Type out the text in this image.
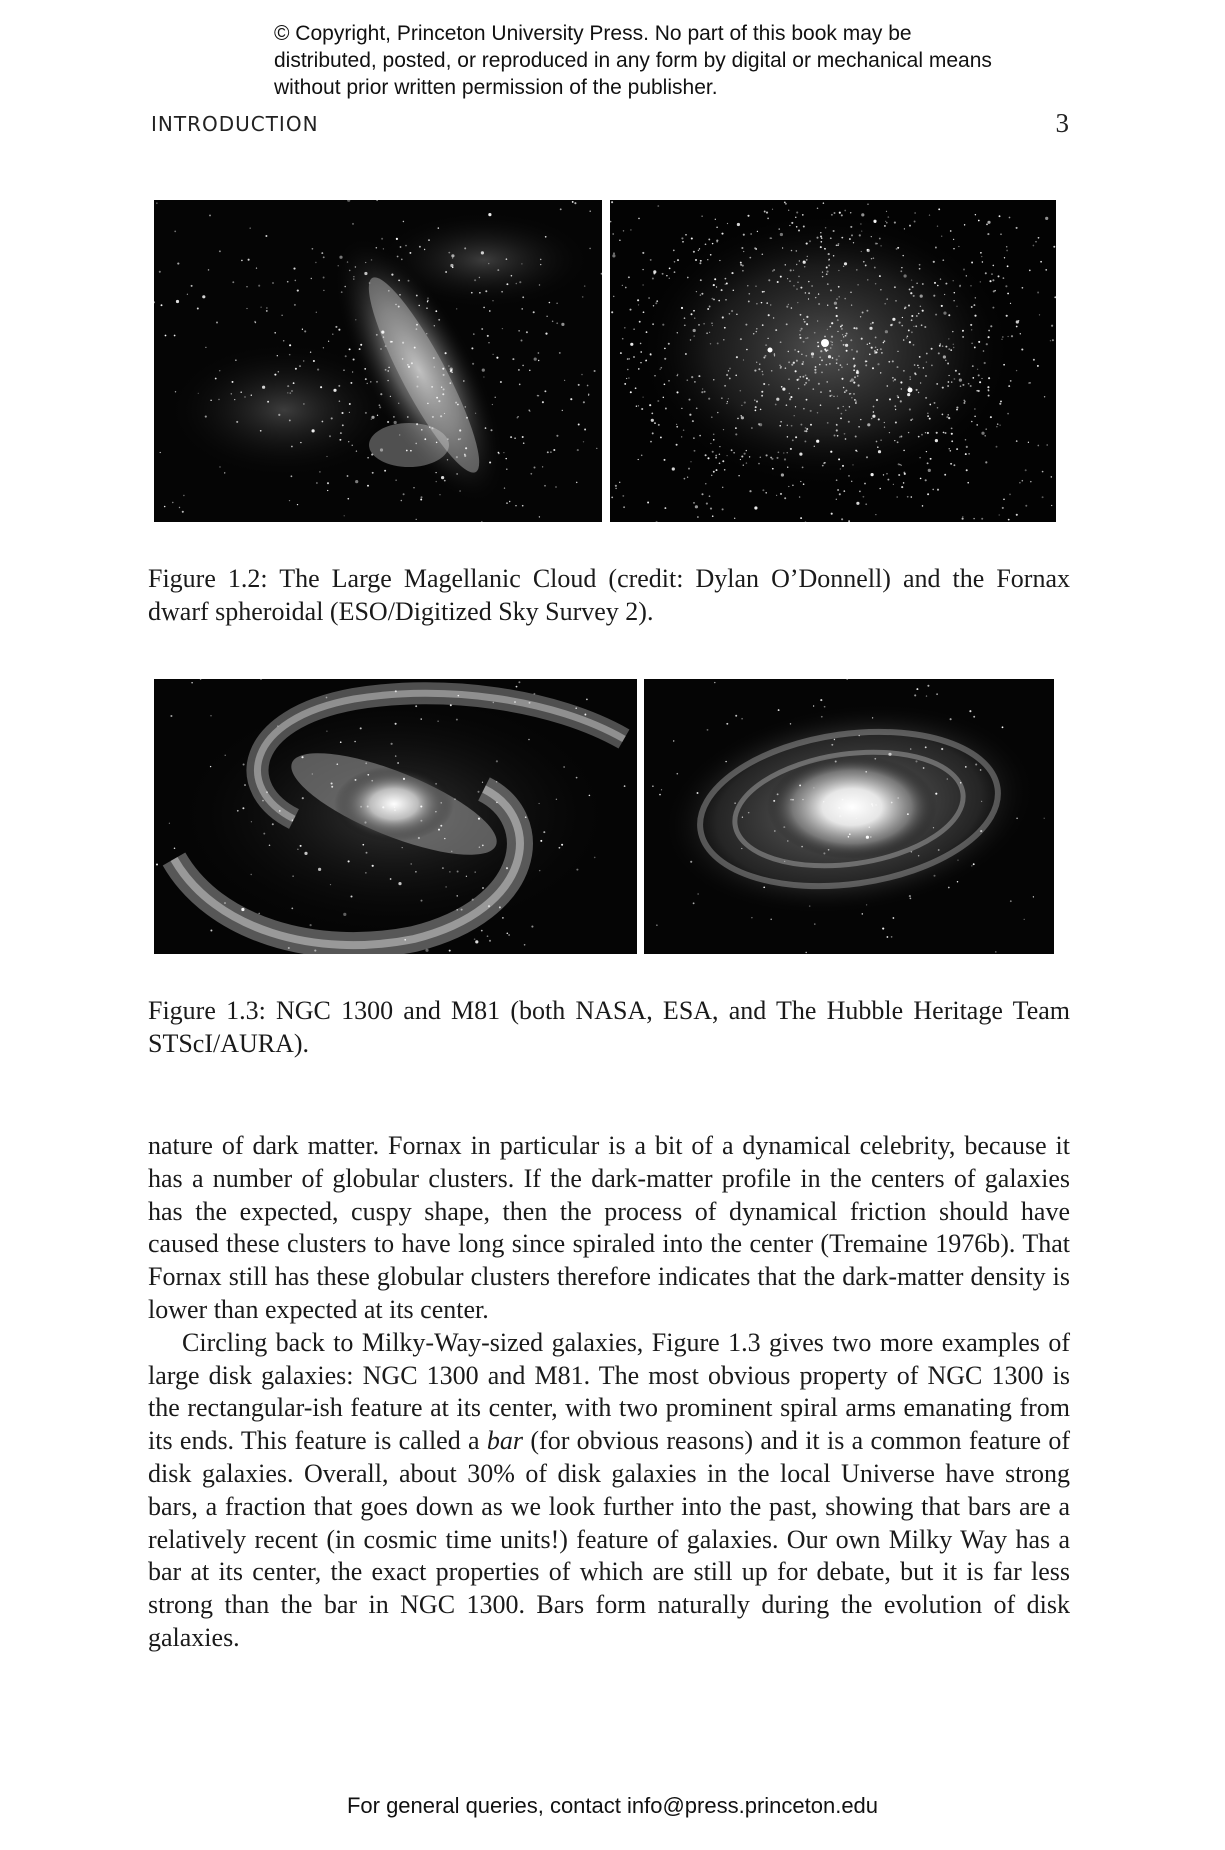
© Copyright, Princeton University Press. No part of this book may be distributed, posted, or reproduced in any form by digital or mechanical means without prior written permission of the publisher.
INTRODUCTION	3
Figure 1.2: The Large Magellanic Cloud (credit: Dylan O’Donnell) and the Fornax dwarf spheroidal (ESO/Digitized Sky Survey 2).
Figure 1.3: NGC 1300 and M81 (both NASA, ESA, and The Hubble Heritage Team STScI/AURA).

nature of dark matter. Fornax in particular is a bit of a dynamical celebrity, because it has a number of globular clusters. If the dark-matter profile in the centers of galaxies has the expected, cuspy shape, then the process of dynamical friction should have caused these clusters to have long since spiraled into the center (Tremaine 1976b). That Fornax still has these globular clusters therefore indicates that the dark-matter density is lower than expected at its center.

Circling back to Milky-Way-sized galaxies, Figure 1.3 gives two more examples of large disk galaxies: NGC 1300 and M81. The most obvious property of NGC 1300 is the rectangular-ish feature at its center, with two prominent spiral arms emanating from its ends. This feature is called a bar (for obvious reasons) and it is a common feature of disk galaxies. Overall, about 30% of disk galaxies in the local Universe have strong bars, a fraction that goes down as we look further into the past, showing that bars are a relatively recent (in cosmic time units!) feature of galaxies. Our own Milky Way has a bar at its center, the exact properties of which are still up for debate, but it is far less strong than the bar in NGC 1300. Bars form naturally during the evolution of disk galaxies.

For general queries, contact info@press.princeton.edu
